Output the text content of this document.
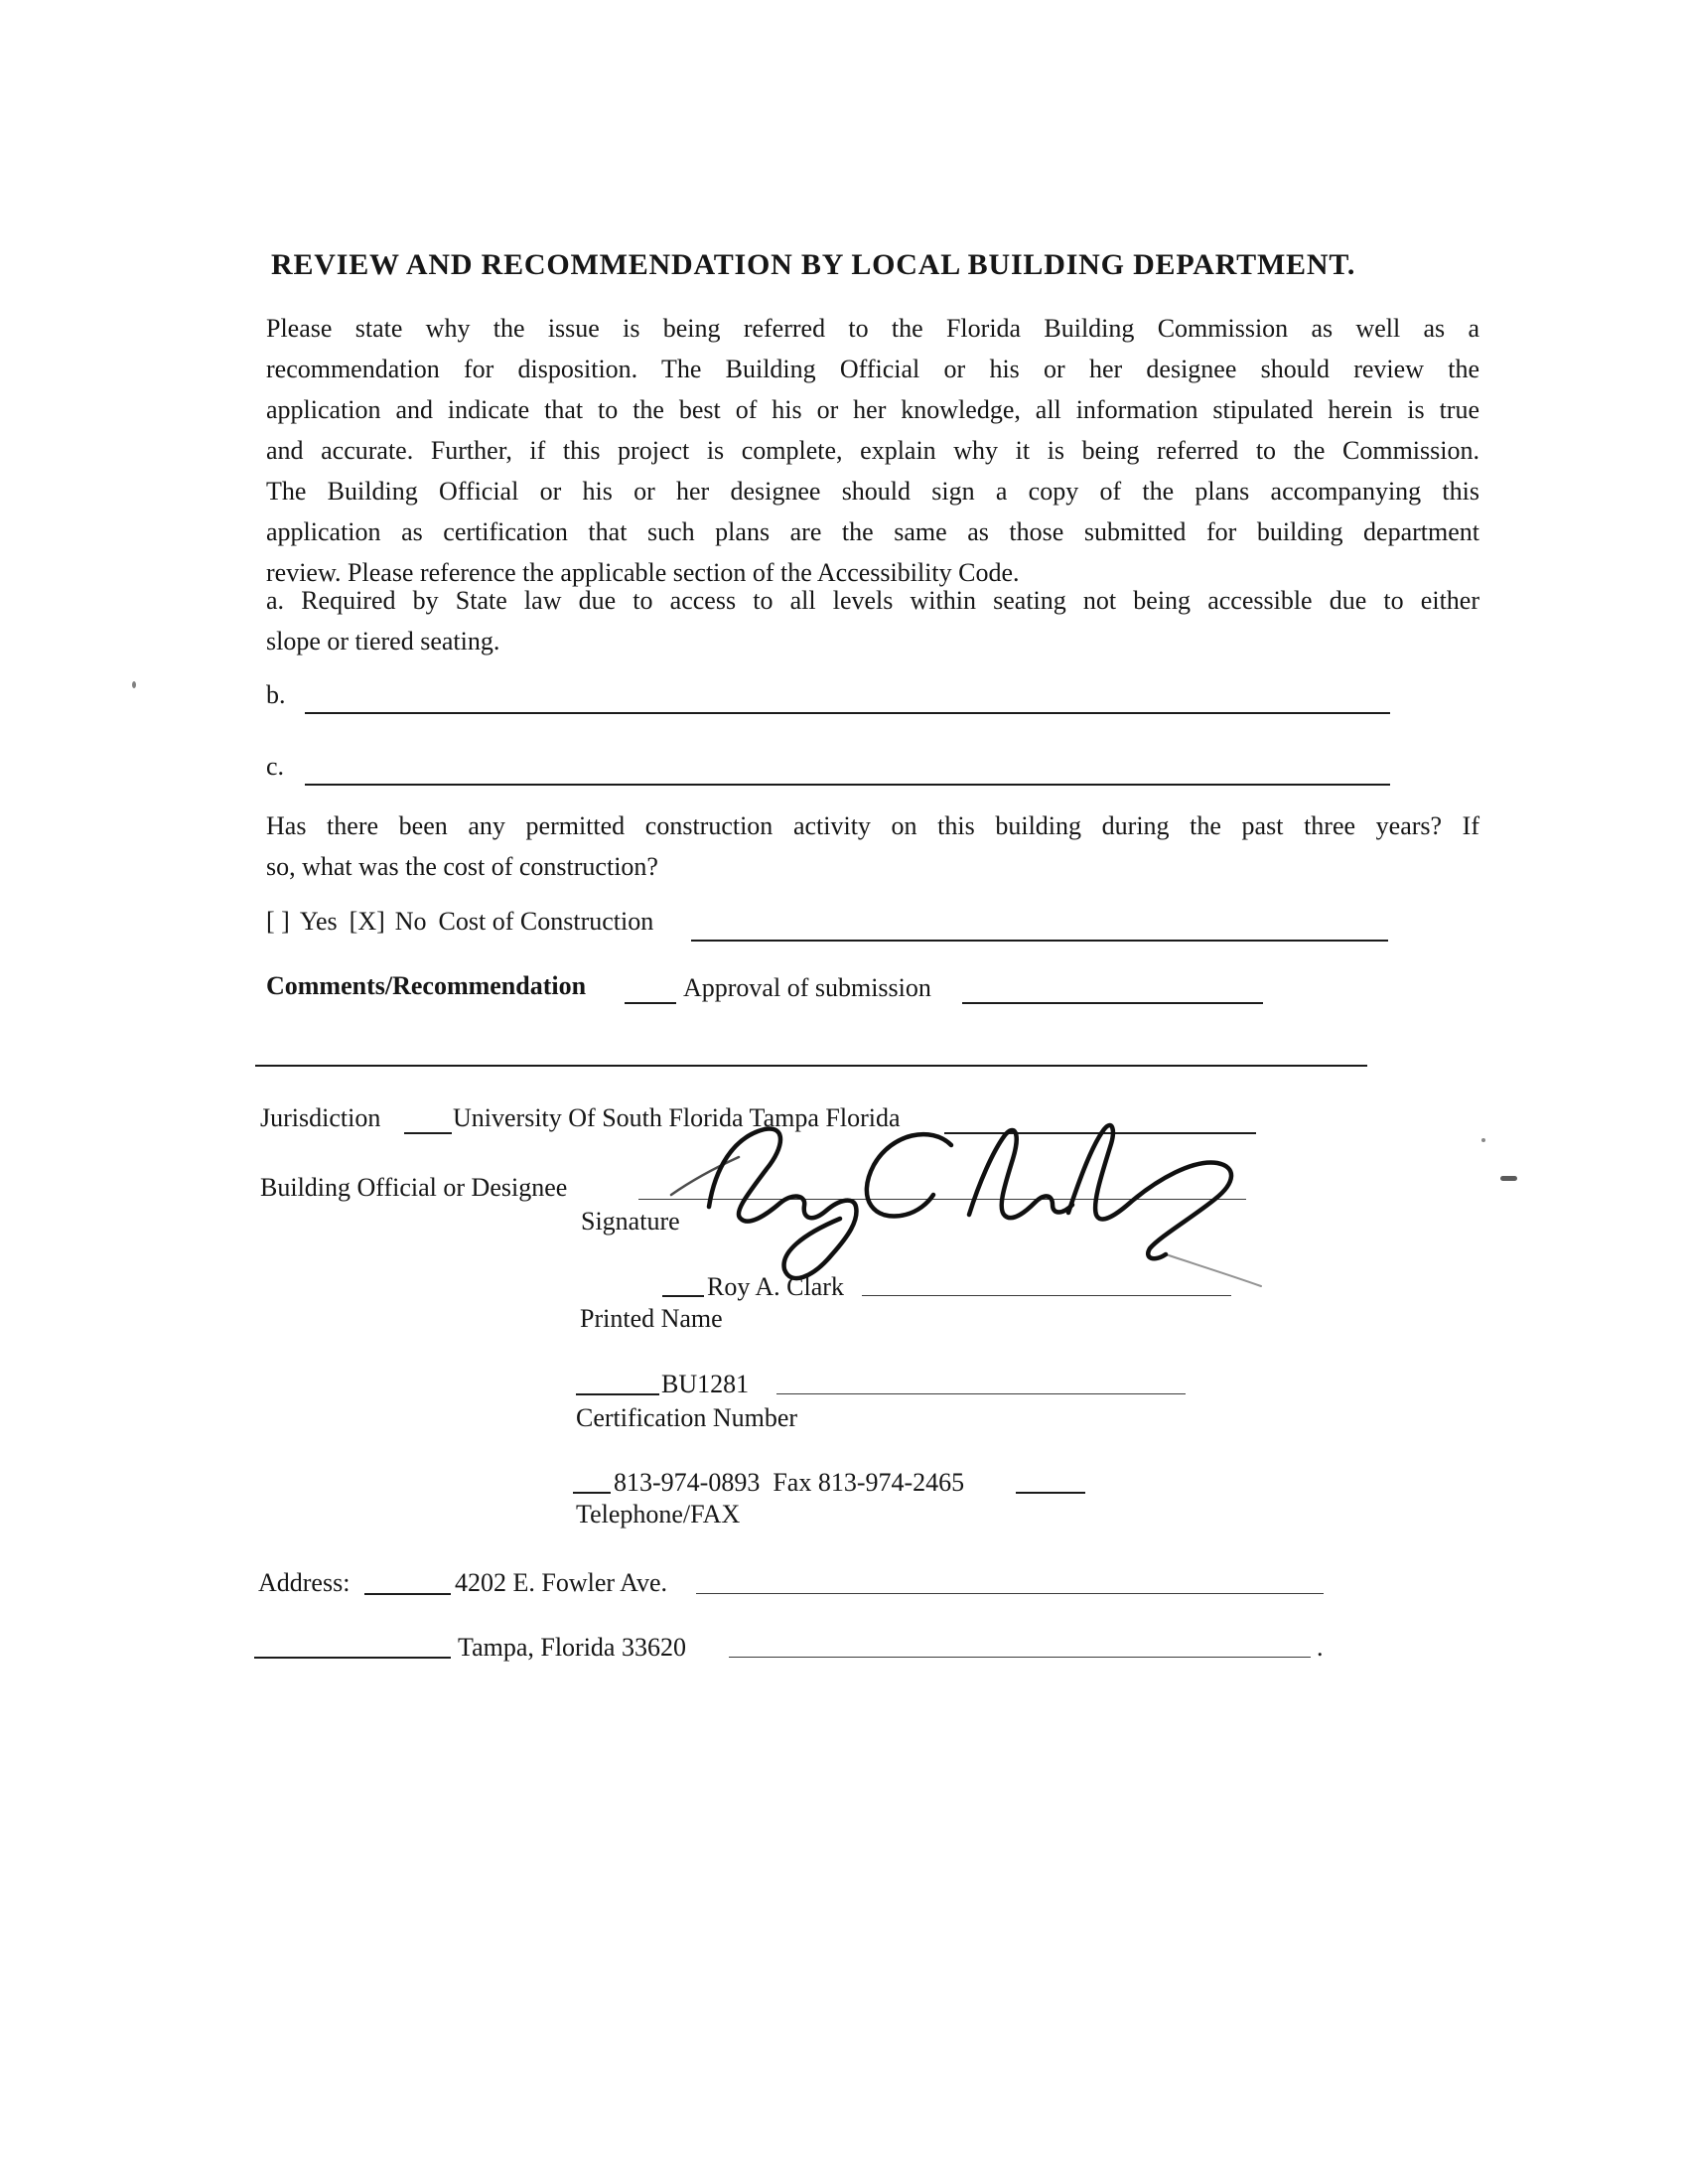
REVIEW AND RECOMMENDATION BY LOCAL BUILDING DEPARTMENT.
Please state why the issue is being referred to the Florida Building Commission as well as a
recommendation for disposition. The Building Official or his or her designee should review the
application and indicate that to the best of his or her knowledge, all information stipulated herein is true
and accurate. Further, if this project is complete, explain why it is being referred to the Commission.
The Building Official or his or her designee should sign a copy of the plans accompanying this
application as certification that such plans are the same as those submitted for building department
review. Please reference the applicable section of the Accessibility Code.
a. Required by State law due to access to all levels within seating not being accessible due to either
slope or tiered seating.
b.
c.
Has there been any permitted construction activity on this building during the past three years? If
so, what was the cost of construction?
[ ] Yes [X] No Cost of Construction
Comments/Recommendation	Approval of submission
Jurisdiction	University Of South Florida Tampa Florida
Building Official or Designee
Signature
Roy A. Clark
Printed Name
BU1281
Certification Number
813-974-0893  Fax 813-974-2465
Telephone/FAX
Address:	4202 E. Fowler Ave.
Tampa, Florida 33620	.
